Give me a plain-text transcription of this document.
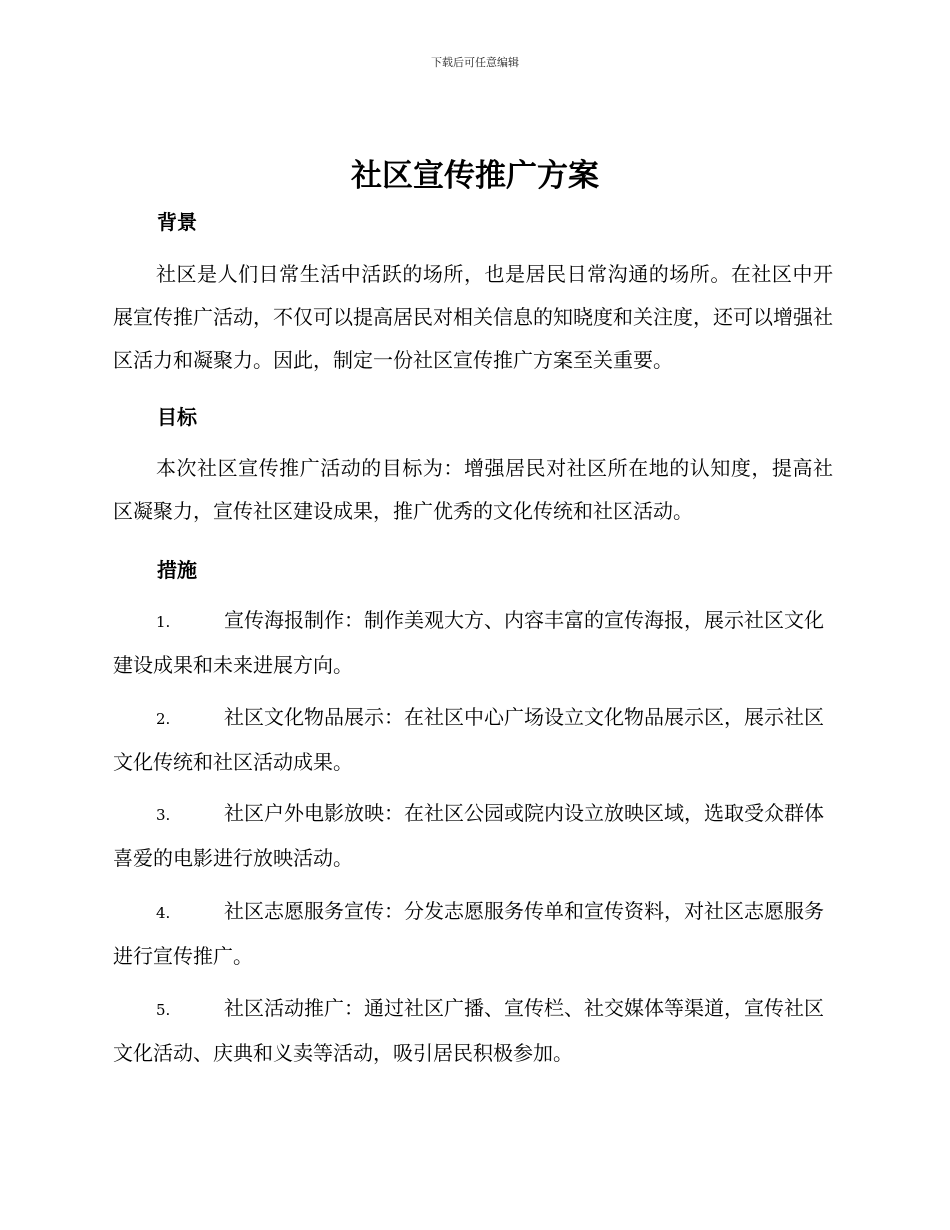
下载后可任意编辑
社区宣传推广方案
背景

社区是人们日常生活中活跃的场所，也是居民日常沟通的场所。在社区中开展宣传推广活动，不仅可以提高居民对相关信息的知晓度和关注度，还可以增强社区活力和凝聚力。因此，制定一份社区宣传推广方案至关重要。

目标

本次社区宣传推广活动的目标为：增强居民对社区所在地的认知度，提高社区凝聚力，宣传社区建设成果，推广优秀的文化传统和社区活动。

措施

1.	宣传海报制作：制作美观大方、内容丰富的宣传海报，展示社区文化建设成果和未来进展方向。

2.	社区文化物品展示：在社区中心广场设立文化物品展示区，展示社区文化传统和社区活动成果。

3.	社区户外电影放映：在社区公园或院内设立放映区域，选取受众群体喜爱的电影进行放映活动。

4.	社区志愿服务宣传：分发志愿服务传单和宣传资料，对社区志愿服务进行宣传推广。

5.	社区活动推广：通过社区广播、宣传栏、社交媒体等渠道，宣传社区文化活动、庆典和义卖等活动，吸引居民积极参加。
